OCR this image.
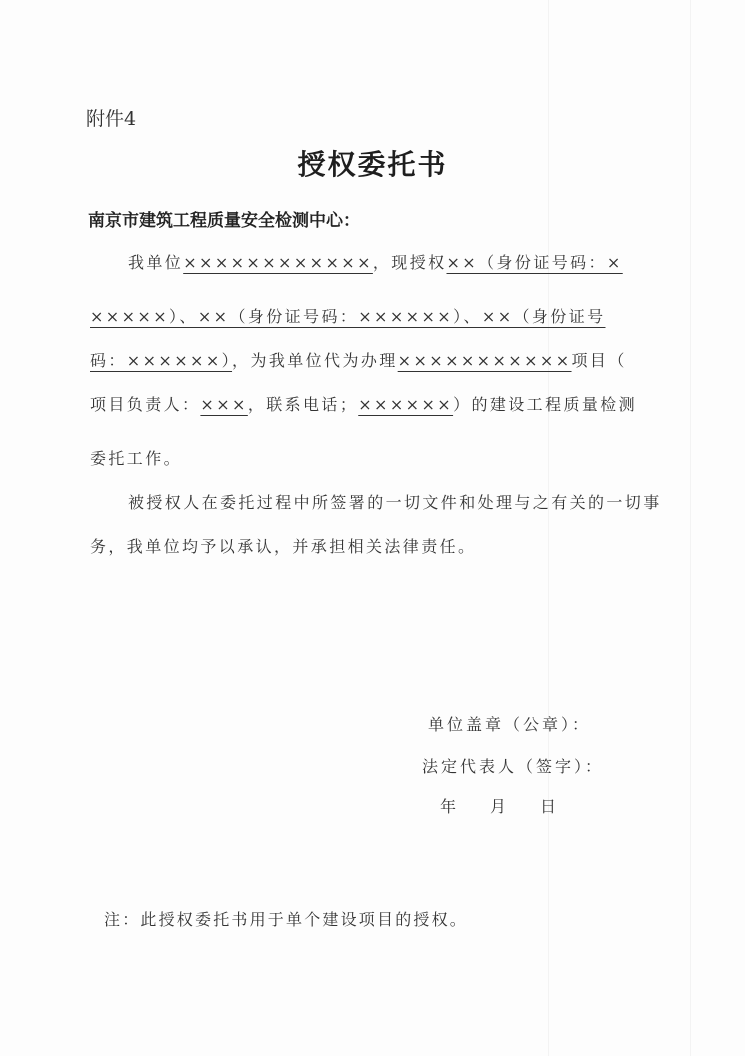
附件4
授权委托书
南京市建筑工程质量安全检测中心：
我单位××××××××××××，现授权××（身份证号码：×
×××××）、××（身份证号码：××××××）、××（身份证号
码：××××××），为我单位代为办理×××××××××××项目（
项目负责人：×××，联系电话；××××××）的建设工程质量检测
委托工作。
被授权人在委托过程中所签署的一切文件和处理与之有关的一切事
务，我单位均予以承认，并承担相关法律责任。
单位盖章（公章）：
法定代表人（签字）：
年 月 日
注：此授权委托书用于单个建设项目的授权。
